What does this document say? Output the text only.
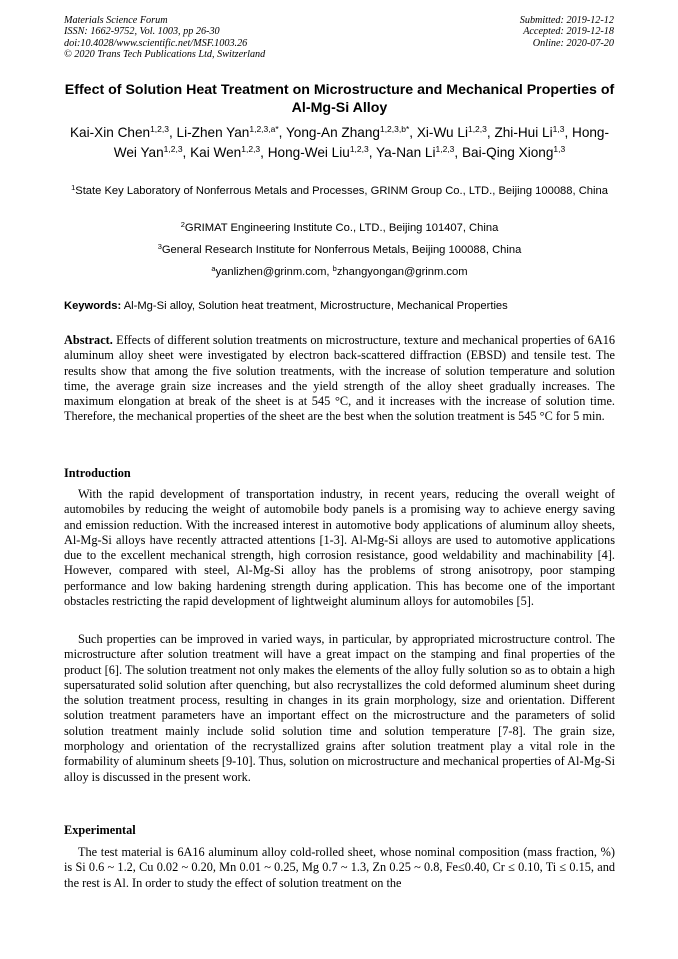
Materials Science Forum
ISSN: 1662-9752, Vol. 1003, pp 26-30
doi:10.4028/www.scientific.net/MSF.1003.26
© 2020 Trans Tech Publications Ltd, Switzerland
Submitted: 2019-12-12
Accepted: 2019-12-18
Online: 2020-07-20
Effect of Solution Heat Treatment on Microstructure and Mechanical Properties of Al-Mg-Si Alloy
Kai-Xin Chen$^{1,2,3}$, Li-Zhen Yan$^{1,2,3,a*}$, Yong-An Zhang$^{1,2,3,b*}$, Xi-Wu Li$^{1,2,3}$, Zhi-Hui Li$^{1,3}$, Hong-Wei Yan$^{1,2,3}$, Kai Wen$^{1,2,3}$, Hong-Wei Liu$^{1,2,3}$, Ya-Nan Li$^{1,2,3}$, Bai-Qing Xiong$^{1,3}$
$^1$State Key Laboratory of Nonferrous Metals and Processes, GRINM Group Co., LTD., Beijing 100088, China
$^2$GRIMAT Engineering Institute Co., LTD., Beijing 101407, China
$^3$General Research Institute for Nonferrous Metals, Beijing 100088, China
$^a$yanlizhen@grinm.com, $^b$zhangyongan@grinm.com
Keywords: Al-Mg-Si alloy, Solution heat treatment, Microstructure, Mechanical Properties
Abstract. Effects of different solution treatments on microstructure, texture and mechanical properties of 6A16 aluminum alloy sheet were investigated by electron back-scattered diffraction (EBSD) and tensile test. The results show that among the five solution treatments, with the increase of solution temperature and solution time, the average grain size increases and the yield strength of the alloy sheet gradually increases. The maximum elongation at break of the sheet is at 545 °C, and it increases with the increase of solution time. Therefore, the mechanical properties of the sheet are the best when the solution treatment is 545 °C for 5 min.
Introduction

With the rapid development of transportation industry, in recent years, reducing the overall weight of automobiles by reducing the weight of automobile body panels is a promising way to achieve energy saving and emission reduction. With the increased interest in automotive body applications of aluminum alloy sheets, Al-Mg-Si alloys have recently attracted attentions [1-3]. Al-Mg-Si alloys are used to automotive applications due to the excellent mechanical strength, high corrosion resistance, good weldability and machinability [4]. However, compared with steel, Al-Mg-Si alloy has the problems of strong anisotropy, poor stamping performance and low baking hardening strength during application. This has become one of the important obstacles restricting the rapid development of lightweight aluminum alloys for automobiles [5].

Such properties can be improved in varied ways, in particular, by appropriated microstructure control. The microstructure after solution treatment will have a great impact on the stamping and final properties of the product [6]. The solution treatment not only makes the elements of the alloy fully solution so as to obtain a high supersaturated solid solution after quenching, but also recrystallizes the cold deformed aluminum sheet during the solution treatment process, resulting in changes in its grain morphology, size and orientation. Different solution treatment parameters have an important effect on the microstructure and the parameters of solid solution treatment mainly include solid solution time and solution temperature [7-8]. The grain size, morphology and orientation of the recrystallized grains after solution treatment play a vital role in the formability of aluminum sheets [9-10]. Thus, solution on microstructure and mechanical properties of Al-Mg-Si alloy is discussed in the present work.

Experimental

The test material is 6A16 aluminum alloy cold-rolled sheet, whose nominal composition (mass fraction, %) is Si 0.6 ~ 1.2, Cu 0.02 ~ 0.20, Mn 0.01 ~ 0.25, Mg 0.7 ~ 1.3, Zn 0.25 ~ 0.8, Fe≤0.40, Cr ≤ 0.10, Ti ≤ 0.15, and the rest is Al. In order to study the effect of solution treatment on the
